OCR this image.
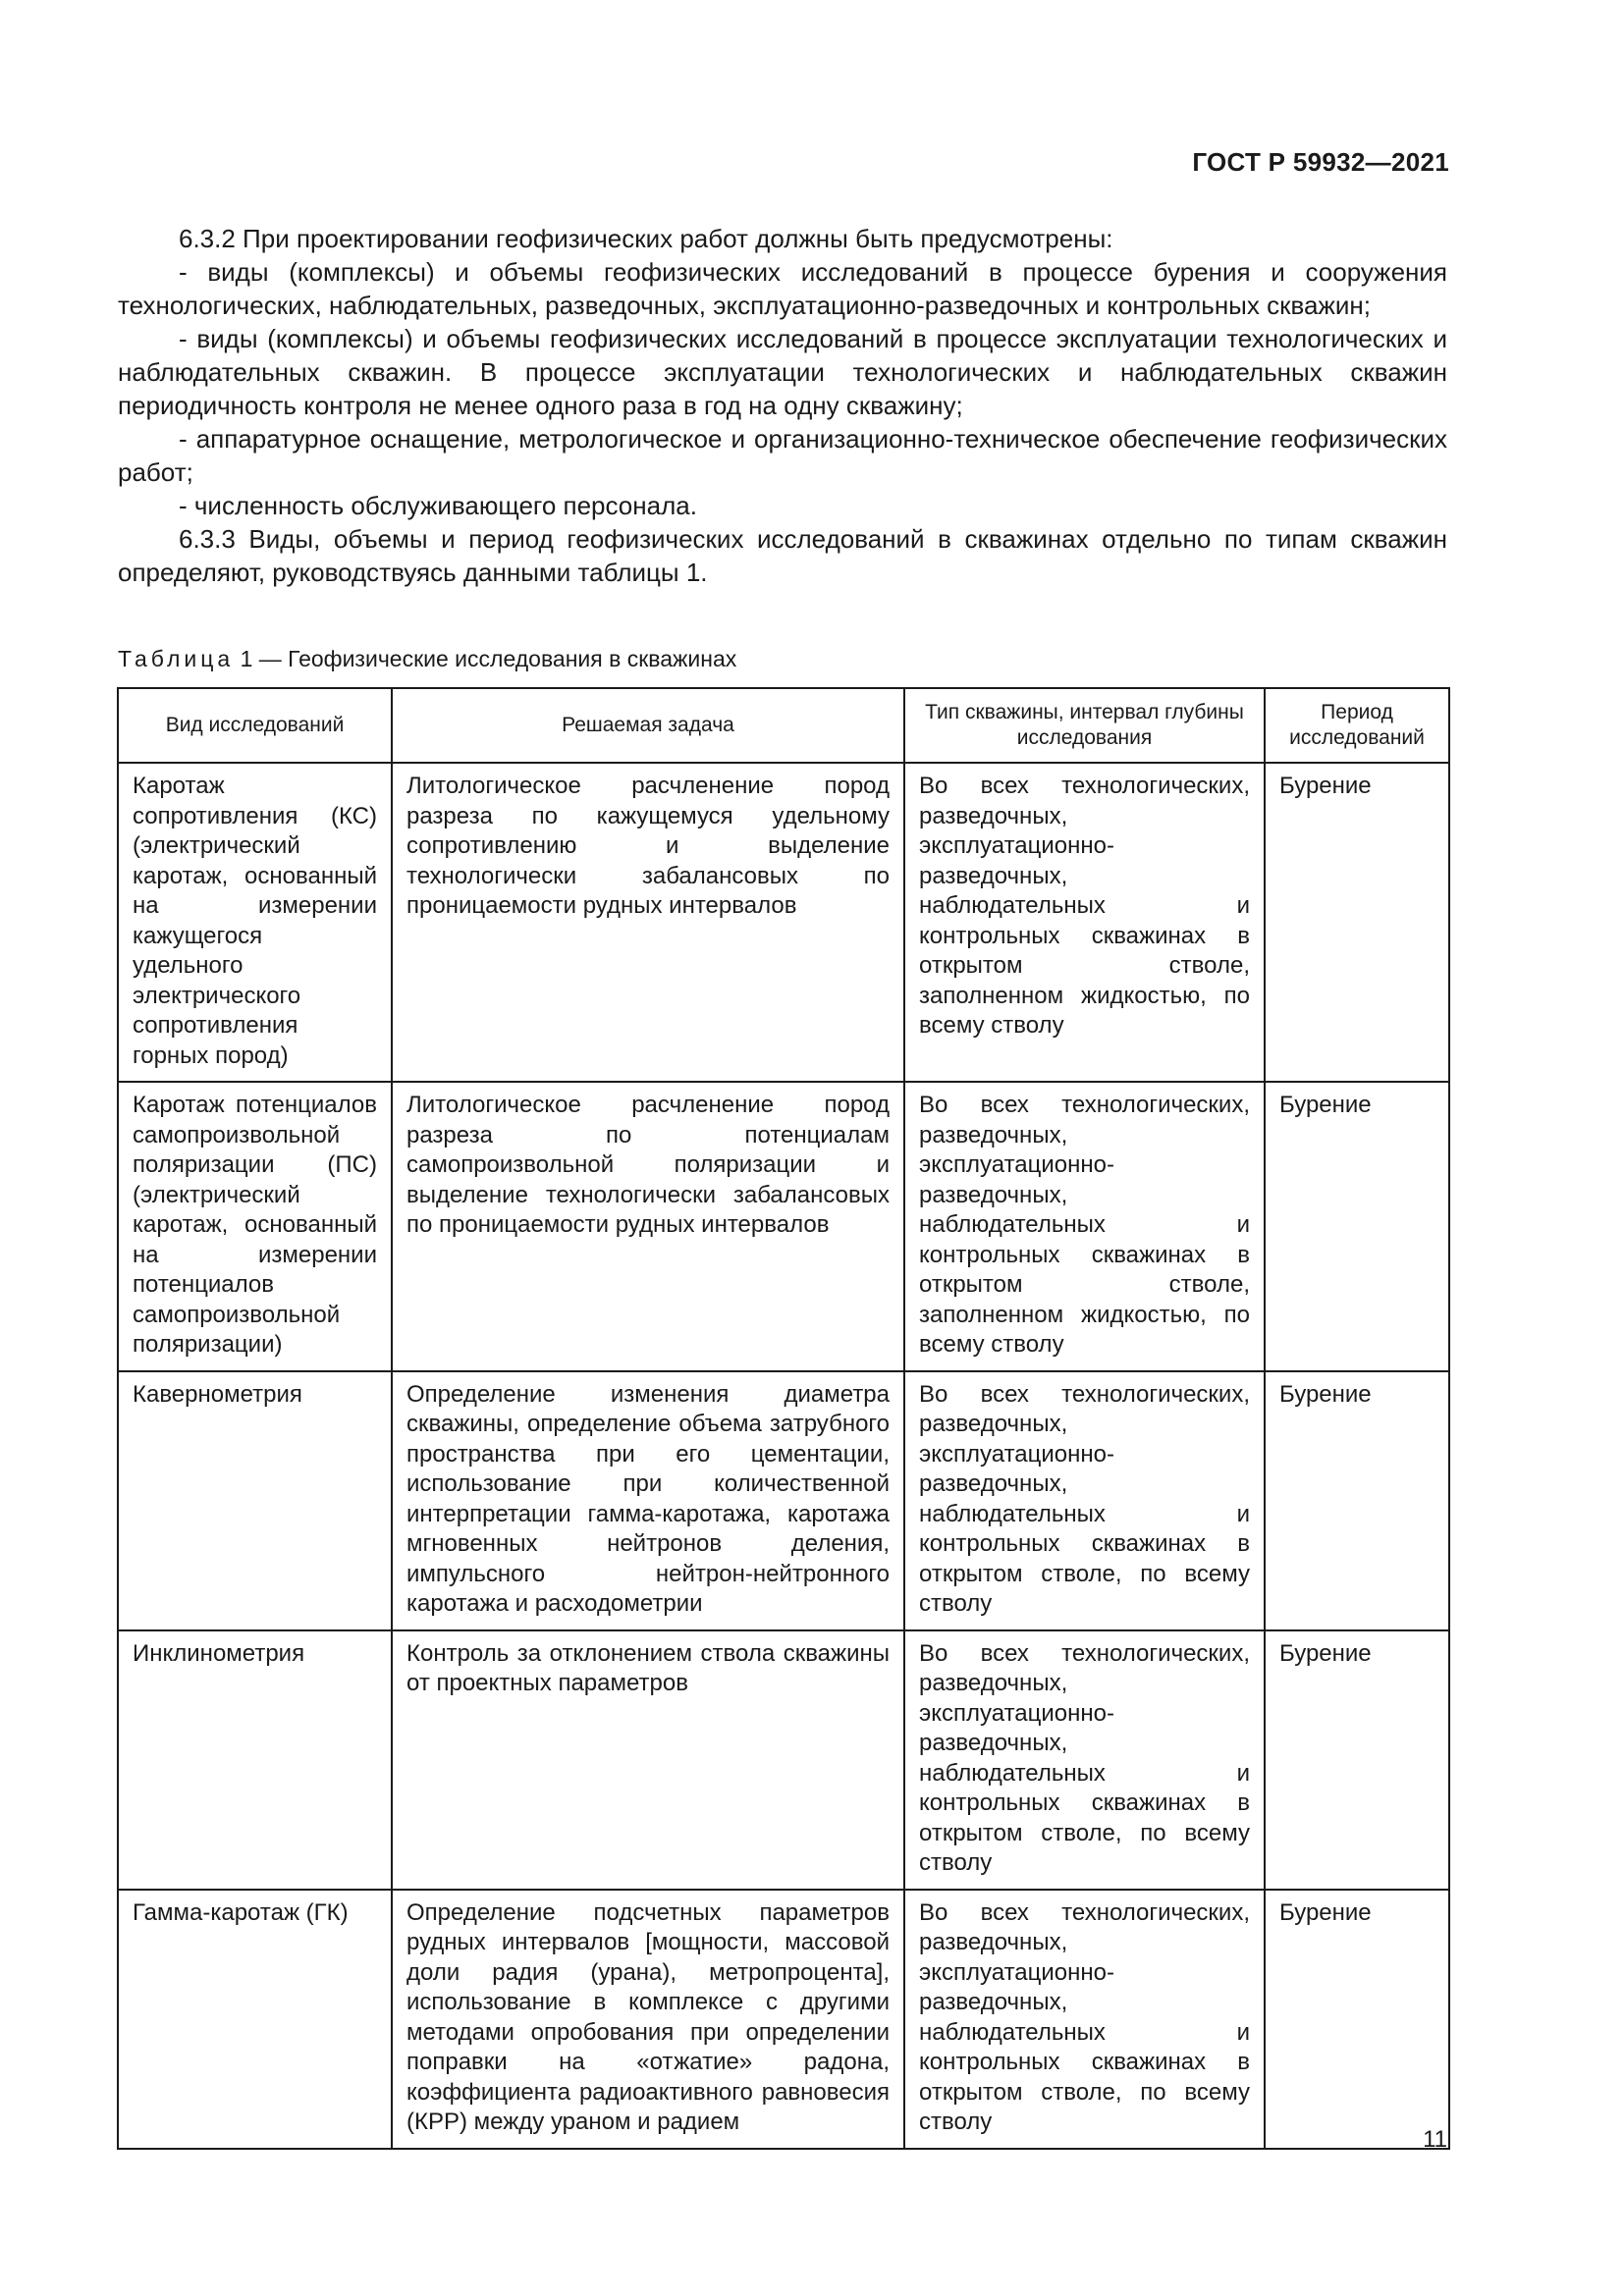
ГОСТ Р 59932—2021

6.3.2 При проектировании геофизических работ должны быть предусмотрены:

- виды (комплексы) и объемы геофизических исследований в процессе бурения и сооружения технологических, наблюдательных, разведочных, эксплуатационно-разведочных и контрольных скважин;

- виды (комплексы) и объемы геофизических исследований в процессе эксплуатации технологических и наблюдательных скважин. В процессе эксплуатации технологических и наблюдательных скважин периодичность контроля не менее одного раза в год на одну скважину;

- аппаратурное оснащение, метрологическое и организационно-техническое обеспечение геофизических работ;

- численность обслуживающего персонала.

6.3.3 Виды, объемы и период геофизических исследований в скважинах отдельно по типам скважин определяют, руководствуясь данными таблицы 1.

Таблица 1 — Геофизические исследования в скважинах
Вид исследований	Решаемая задача	Тип скважины, интервал глубины исследования	Период исследований
Каротаж сопротивления (КС) (электрический каротаж, основанный на измерении кажущегося удельного электрического сопротивления горных пород)	Литологическое расчленение пород разреза по кажущемуся удельному сопротивлению и выделение технологически забалансовых по проницаемости рудных интервалов	Во всех технологических, разведочных, эксплуатационно-разведочных, наблюдательных и контрольных скважинах в открытом стволе, заполненном жидкостью, по всему стволу	Бурение
Каротаж потенциалов самопроизвольной поляризации (ПС) (электрический каротаж, основанный на измерении потенциалов самопроизвольной поляризации)	Литологическое расчленение пород разреза по потенциалам самопроизвольной поляризации и выделение технологически забалансовых по проницаемости рудных интервалов	Во всех технологических, разведочных, эксплуатационно-разведочных, наблюдательных и контрольных скважинах в открытом стволе, заполненном жидкостью, по всему стволу	Бурение
Кавернометрия	Определение изменения диаметра скважины, определение объема затрубного пространства при его цементации, использование при количественной интерпретации гамма-каротажа, каротажа мгновенных нейтронов деления, импульсного нейтрон-нейтронного каротажа и расходометрии	Во всех технологических, разведочных, эксплуатационно-разведочных, наблюдательных и контрольных скважинах в открытом стволе, по всему стволу	Бурение
Инклинометрия	Контроль за отклонением ствола скважины от проектных параметров	Во всех технологических, разведочных, эксплуатационно-разведочных, наблюдательных и контрольных скважинах в открытом стволе, по всему стволу	Бурение
Гамма-каротаж (ГК)	Определение подсчетных параметров рудных интервалов [мощности, массовой доли радия (урана), метропроцента], использование в комплексе с другими методами опробования при определении поправки на «отжатие» радона, коэффициента радиоактивного равновесия (КРР) между ураном и радием	Во всех технологических, разведочных, эксплуатационно-разведочных, наблюдательных и контрольных скважинах в открытом стволе, по всему стволу	Бурение
11
